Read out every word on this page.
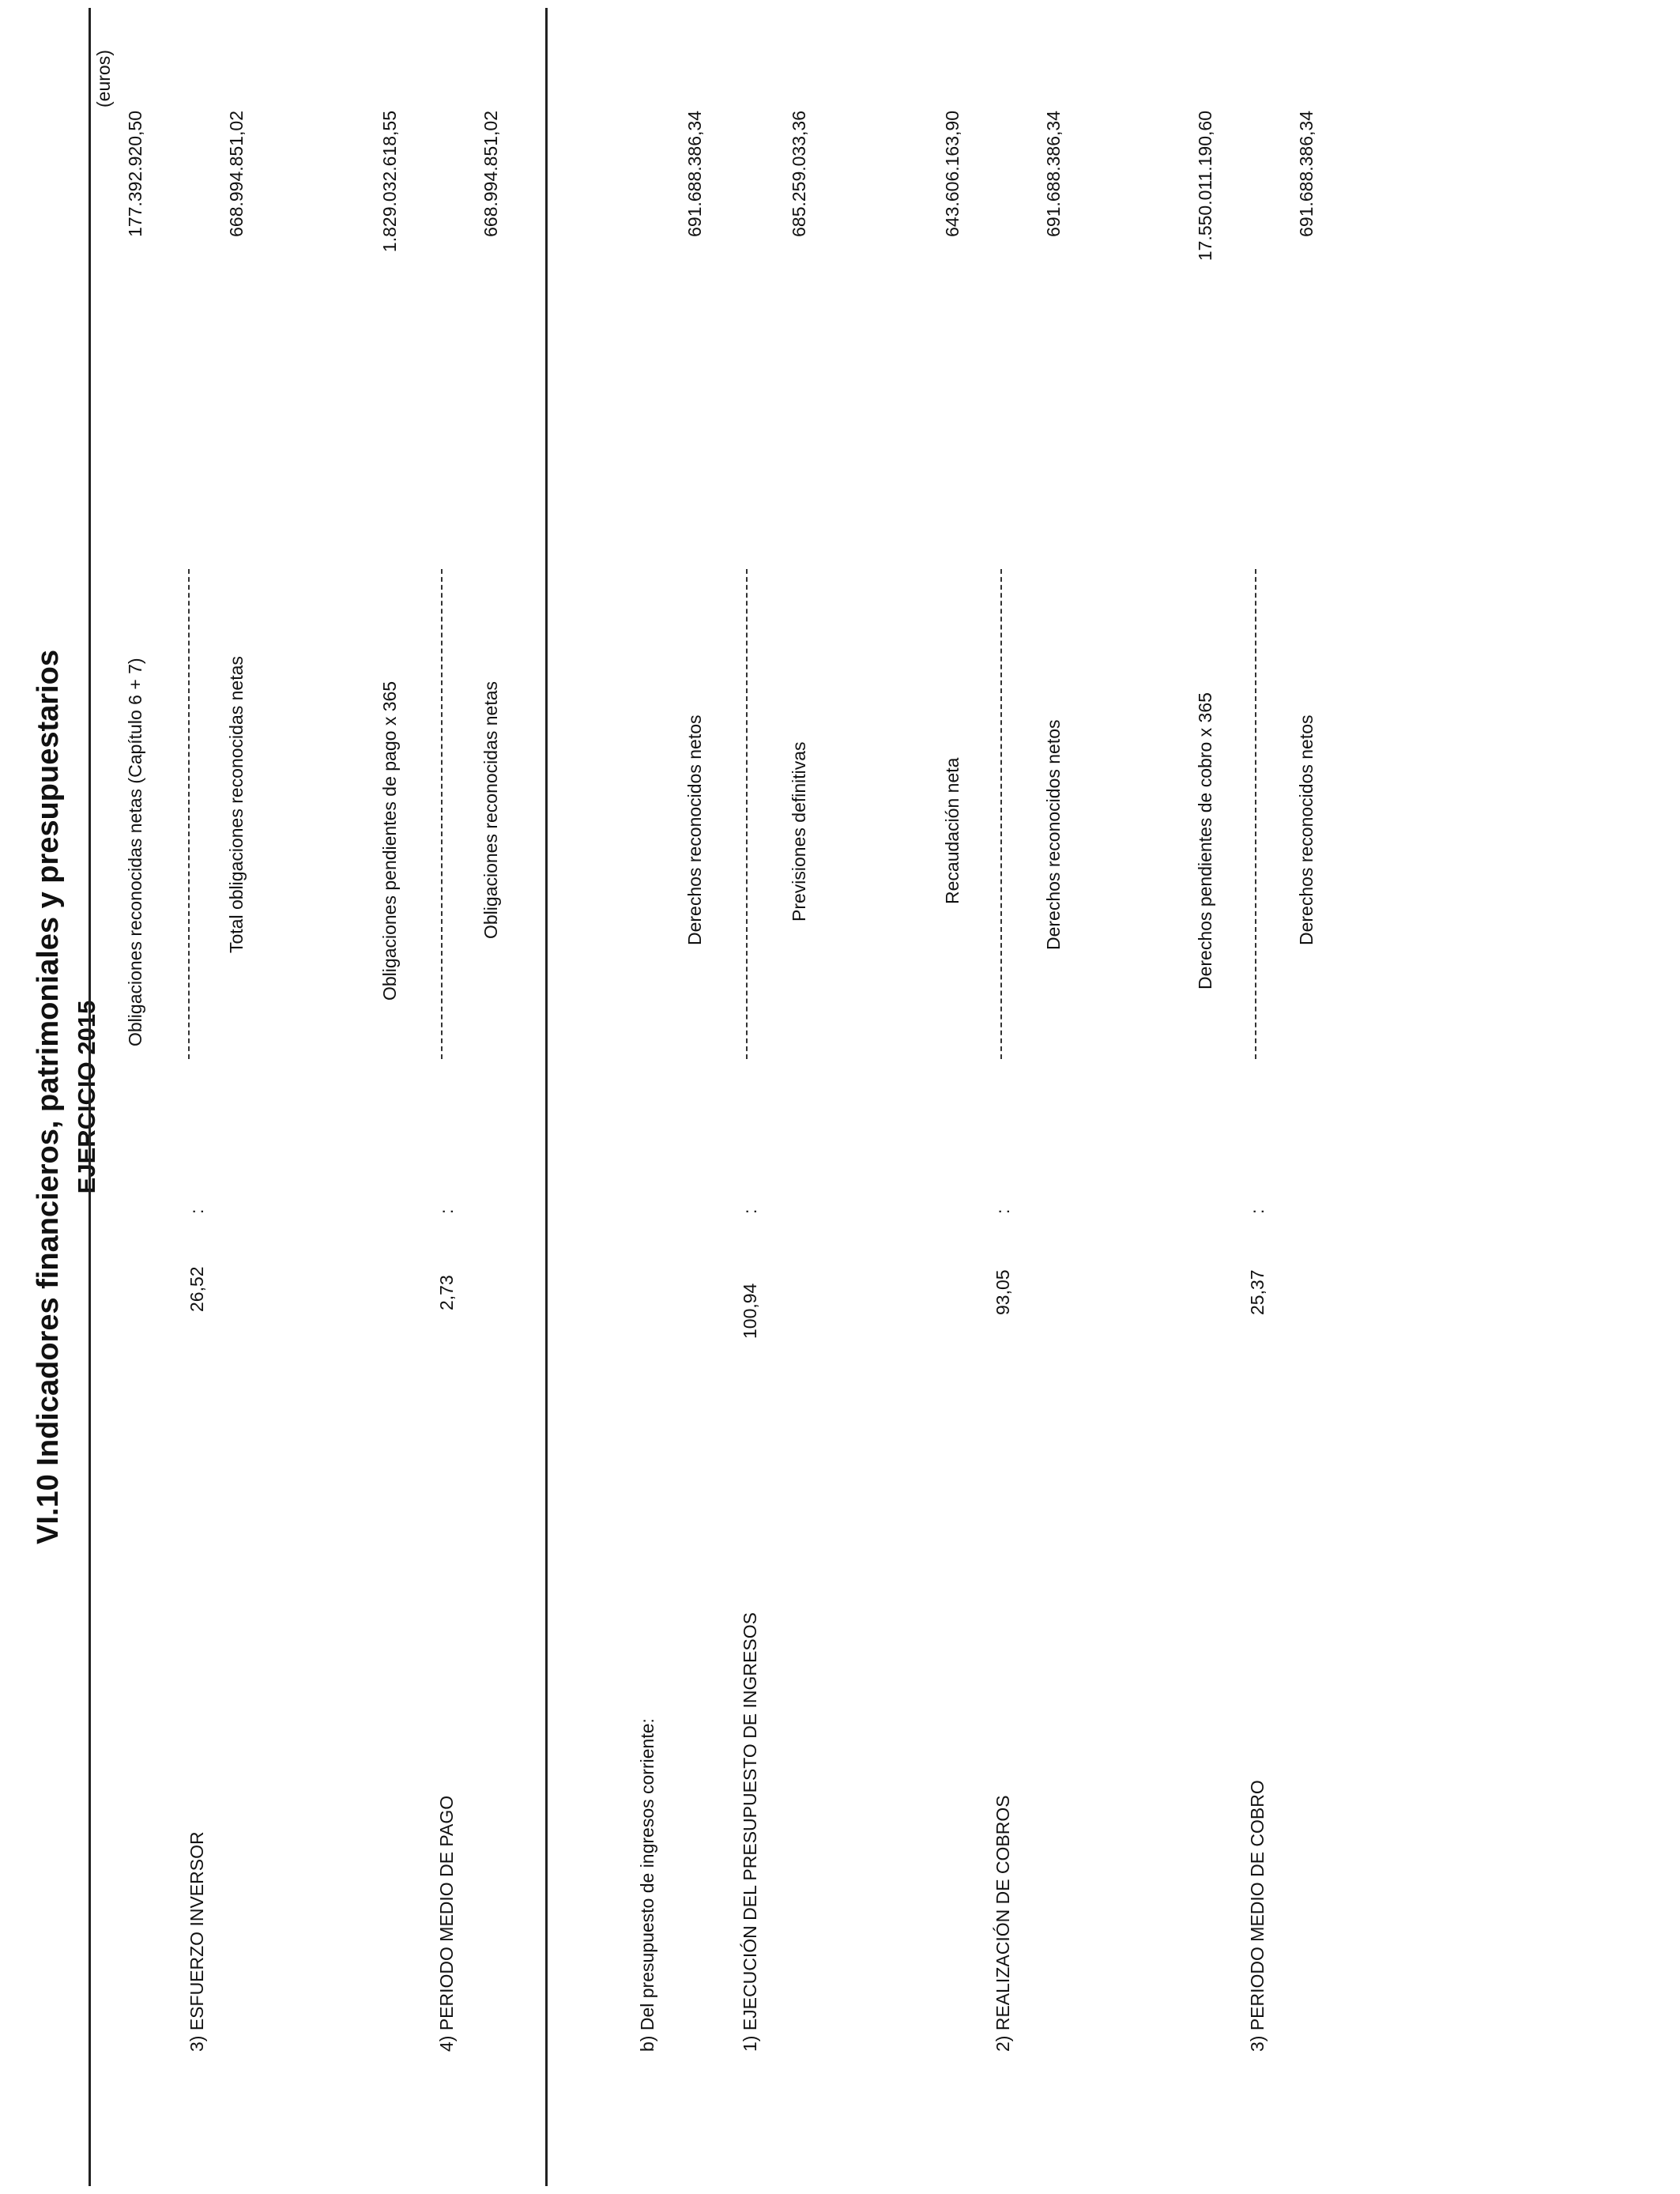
VI.10 Indicadores financieros, patrimoniales y presupuestarios EJERCICIO 2015
(euros)
3) ESFUERZO INVERSOR
26,52
:
Obligaciones reconocidas netas (Capítulo 6 + 7)	Total obligaciones reconocidas netas
177.392.920,50	668.994.851,02
4) PERIODO MEDIO DE PAGO
2,73
:
Obligaciones pendientes de pago x 365	Obligaciones reconocidas netas
1.829.032.618,55	668.994.851,02
b) Del presupuesto de ingresos corriente:	1) EJECUCIÓN DEL PRESUPUESTO DE INGRESOS
100,94
:
Derechos reconocidos netos	Previsiones definitivas
691.688.386,34	685.259.033,36
2) REALIZACIÓN DE COBROS
93,05
:
Recaudación neta	Derechos reconocidos netos
643.606.163,90	691.688.386,34
3) PERIODO MEDIO DE COBRO
25,37
:
Derechos pendientes de cobro x 365	Derechos reconocidos netos
17.550.011.190,60	691.688.386,34
